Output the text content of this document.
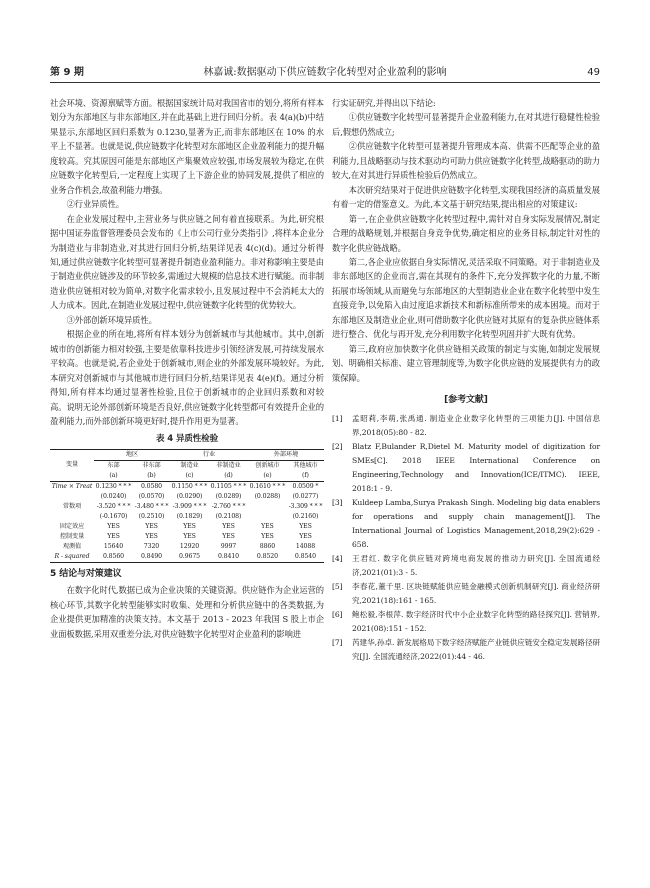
第 9 期	林嘉诚:数据驱动下供应链数字化转型对企业盈利的影响	49

社会环境、资源禀赋等方面。根据国家统计局对我国省市的划分,将所有样本划分为东部地区与非东部地区,并在此基础上进行回归分析。表 4(a)(b)中结果显示,东部地区回归系数为 0.1230,显著为正,而非东部地区在 10% 的水平上不显著。也就是说,供应链数字化转型对东部地区企业盈利能力的提升幅度较高。究其原因可能是东部地区产集聚效应较强,市场发展较为稳定,在供应链数字化转型后,一定程度上实现了上下游企业的协同发展,提供了相应的业务合作机会,故盈利能力增强。

②行业异质性。

在企业发展过程中,主营业务与供应链之间有着直接联系。为此,研究根据中国证券监督管理委员会发布的《上市公司行业分类指引》,将样本企业分为制造业与非制造业,对其进行回归分析,结果详见表 4(c)(d)。通过分析得知,通过供应链数字化转型可显著提升制造业盈利能力。非对称影响主要是由于制造业供应链涉及的环节较多,需通过大规模的信息技术进行赋能。而非制造业供应链相对较为简单,对数字化需求较小,且发展过程中不会消耗太大的人力成本。因此,在制造业发展过程中,供应链数字化转型的优势较大。

③外部创新环境异质性。

根据企业的所在地,将所有样本划分为创新城市与其他城市。其中,创新城市的创新能力相对较强,主要是依靠科技进步引领经济发展,可持续发展水平较高。也就是说,若企业处于创新城市,则企业的外部发展环境较好。为此,本研究对创新城市与其他城市进行回归分析,结果详见表 4(e)(f)。通过分析得知,所有样本均通过显著性检验,且位于创新城市的企业回归系数和对较高。说明无论外部创新环境是否良好,供应链数字化转型都可有效提升企业的盈利能力,而外部创新环境更好时,提升作用更为显著。

表 4 异质性检验
变量	地区		行业		外部环境	
	东部	非东部	制造业	非制造业	创新城市	其他城市
	(a)	(b)	(c)	(d)	(e)	(f)
Time × Treat	0.1230 * * *	0.0580	0.1150 * * *	0.1105 * * *	0.1610 * * *	0.0509 *
	(0.0240)	(0.0570)	(0.0290)	(0.0289)	(0.0288)	(0.0277)
常数项	-3.520 * * *	-3.480 * * *	-3.909 * * *	-2.760 * * *		-3.309 * * *
	(-0.1670)	(0.2510)	(0.1829)	(0.2108)		(0.2160)
固定效应	YES	YES	YES	YES	YES	YES
控制变量	YES	YES	YES	YES	YES	YES
观测值	15640	7320	12920	9997	8860	14088
R - squared	0.8560	0.8490	0.9675	0.8410	0.8520	0.8540
5 结论与对策建议

在数字化时代,数据已成为企业决策的关键资源。供应链作为企业运营的核心环节,其数字化转型能够实时收集、处理和分析供应链中的各类数据,为企业提供更加精准的决策支持。本文基于 2013 - 2023 年我国 S 股上市企业面板数据,采用双重差分法,对供应链数字化转型对企业盈利的影响进

行实证研究,并得出以下结论:

①供应链数字化转型可显著提升企业盈利能力,在对其进行稳健性检验后,假想仍然成立;

②供应链数字化转型可显著提升管理成本高、供需不匹配等企业的盈利能力,且战略驱动与技术驱动均可助力供应链数字化转型,战略驱动的助力较大,在对其进行异质性检验后仍然成立。

本次研究结果对于促进供应链数字化转型,实现我国经济的高质量发展有着一定的借鉴意义。为此,本文基于研究结果,提出相应的对策建议:

第一,在企业供应链数字化转型过程中,需针对自身实际发展情况,制定合理的战略规划,并根据自身竞争优势,确定相应的业务目标,制定针对性的数字化供应链战略。

第二,各企业应依据自身实际情况,灵活采取不同策略。对于非制造业及非东部地区的企业而言,需在其现有的条件下,充分发挥数字化的力量,不断拓展市场领域,从而避免与东部地区的大型制造业企业在数字化转型中发生直接竞争,以免陷入由过度追求新技术和新标准所带来的成本困境。而对于东部地区及制造业企业,则可借助数字化供应链对其原有的复杂供应链体系进行整合、优化与再开发,充分利用数字化转型巩固并扩大既有优势。

第三,政府应加快数字化供应链相关政策的制定与实施,如制定发展规划、明确相关标准、建立管理制度等,为数字化供应链的发展提供有力的政策保障。

[参考文献]
[1]	孟昭莉,李萌,张禹通. 制造业企业数字化转型的三项能力[J]. 中国信息界,2018(05):80 - 82.
[2]	Blatz F,Bulander R,Dietel M. Maturity model of digitization for SMEs[C]. 2018 IEEE International Conference on Engineering,Technology and Innovation(ICE/ITMC). IEEE, 2018:1 - 9.
[3]	Kuldeep Lamba,Surya Prakash Singh. Modeling big data enablers for operations and supply chain management[J]. The International Journal of Logistics Management,2018,29(2):629 - 658.
[4]	王君红. 数字化供应链对跨境电商发展的推动力研究[J]. 全国流通经济,2021(01):3 - 5.
[5]	李春花,董千里. 区块链赋能供应链金融模式创新机制研究[J]. 商业经济研究,2021(18):161 - 165.
[6]	鲍松毅,李根萍. 数字经济时代中小企业数字化转型的路径探究[J]. 营销界, 2021(08):151 - 152.
[7]	芮建华,孙卓. 新发展格局下数字经济赋能产业链供应链安全稳定发展路径研究[J]. 全国流通经济,2022(01):44 - 46.
